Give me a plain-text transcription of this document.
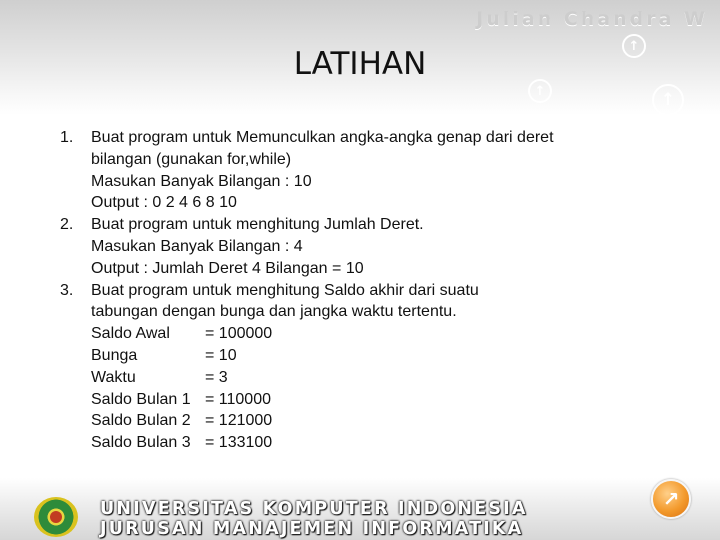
Julian Chandra W
↑
↑	↑
LATIHAN
1. Buat program untuk Memunculkan angka-angka genap dari deret
bilangan (gunakan for,while)
Masukan Banyak Bilangan : 10
Output : 0 2 4 6 8 10
2. Buat program untuk menghitung Jumlah Deret.
Masukan Banyak Bilangan : 4
Output : Jumlah Deret 4 Bilangan = 10
3. Buat program untuk menghitung Saldo akhir dari suatu
tabungan dengan bunga dan jangka waktu tertentu.
Saldo Awal	= 100000
Bunga	= 10
Waktu	= 3
Saldo Bulan 1 = 110000
Saldo Bulan 2 = 121000
Saldo Bulan 3 = 133100
UNIVERSITAS KOMPUTER INDONESIA
JURUSAN MANAJEMEN INFORMATIKA
↗
